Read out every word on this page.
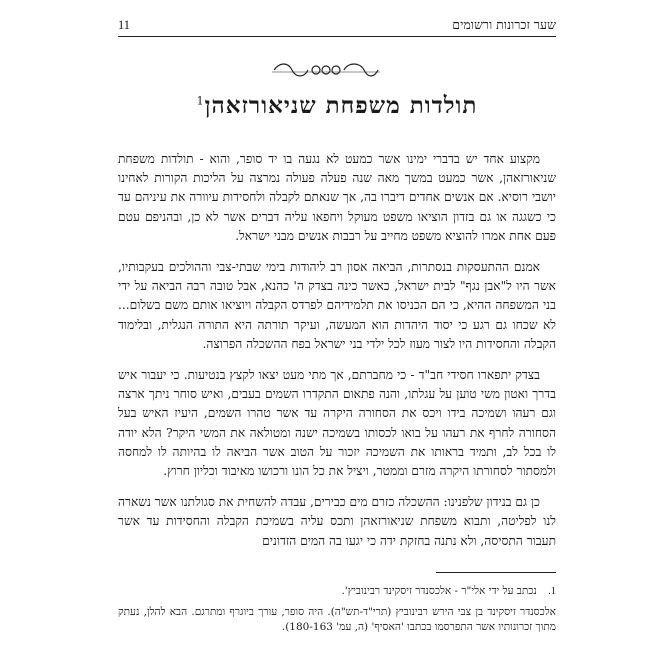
שער זכרונות ורשומים
11
תולדות משפחת שניאורזאהן$^1$

מקצוע אחד יש בדברי ימינו אשר כמעט לא נגעה בו יד סופר, והוא - תולדות משפחת שניאורזאהן, אשר כמעט במשך מאה שנה פעלה פעולה נמרצה על הליכות הקורות לאחינו יושבי רוסיא. אם אנשים אחדים דיברו בה, אך שנאתם לקבלה ולחסידות עיוורה את עיניהם עד כי כשגגה או גם בזדון הוציאו משפט מעוקל ויחפאו עליה דברים אשר לא כן, ובהניפם עטם פעם אחת אמרו להוציא משפט מחייב על רבבות אנשים מבני ישראל.

אמנם ההתעסקות בנסתרות, הביאה אסון רב ליהודות בימי שבתי-צבי וההולכים בעקבותיו, אשר היו ל"אבן נגף" לבית ישראל, כאשר כינה בצדק ה' כהנא, אבל טובה רבה הביאה על ידי בני המשפחה ההיא, כי הם הכניסו את תלמידיהם לפרדס הקבלה ויוציאו אותם משם בשלום... לא שכחו גם רגע כי יסוד היהדות הוא המעשה, ועיקר תורתה היא התורה הנגלית, ובלימוד הקבלה והחסידות היו לצור מעוז לכל ילדי בני ישראל בפח ההשכלה הפרוצה.

בצדק יתפארו חסידי חב"ד - כי מחברתם, אך מתי מעט יצאו לקצץ בנטיעות. כי יעבור איש בדרך ואטון משי טוען על עגלתו, והנה פתאום התקדרו השמים בעבים, ואיש סוחר ניתך ארצה וגם רעהו ושמיכה בידו ויכס את הסחורה היקרה עד אשר טהרו השמים, היעיז האיש בעל הסחורה לחרף את רעהו על בואו לכסותו בשמיכה ישנה ומטולאה את המשי היקר? הלא יודה לו בכל לב, ותמיד בראותו את השמיכה יזכור על הטוב אשר הביאה לו בהיותה לו למחסה ולמסתור לסחורתו היקרה מזרם וממטר, ויציל את כל הונו ורכושו מאיבוד וכליון חרוץ.

כן גם בנידון שלפנינו: ההשכלה כזרם מים כבירים, עבדה להשחית את סגולתנו אשר נשארה לנו לפליטה, ותבוא משפחת שניאורזאהן ותכס עליה בשמיכת הקבלה והחסידות עד אשר תעבור התסיסה, ולא נתנה בחזקת ידה כי יגעו בה המים הזדונים

1. נכתב על ידי אלי"ר - אלכסנדר זיסקינד רבינוביץ'.

אלכסנדר זיסקינד בן צבי הירש רבינוביץ (תרי"ד-תש"ה). היה סופר, עורך ביוגרף ומתרגם. הבא להלן, נעתק מתוך זכרונותיו אשר התפרסמו בכתבו 'האסיף' (ה, עמ' 180-163).
